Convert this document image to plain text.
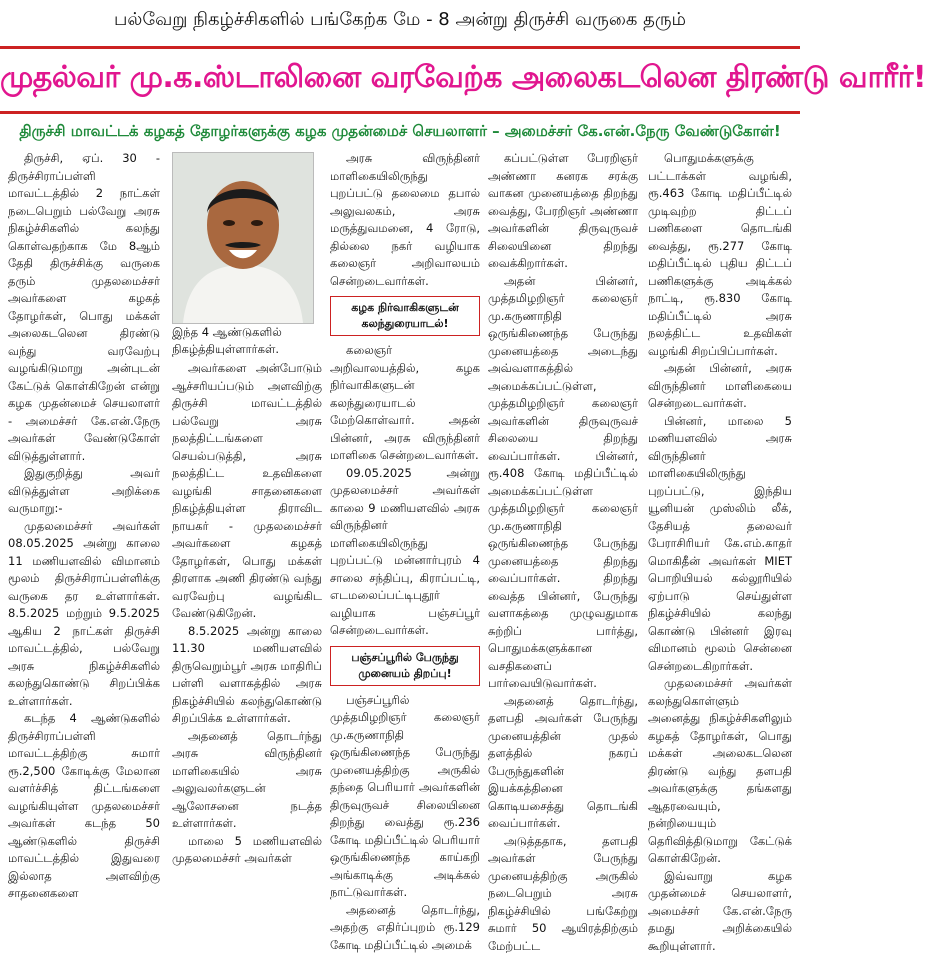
பல்வேறு நிகழ்ச்சிகளில் பங்கேற்க மே - 8 அன்று திருச்சி வருகை தரும்
முதல்வர் மு.க.ஸ்டாலினை வரவேற்க அலைகடலென திரண்டு வாரீர்!
திருச்சி மாவட்டக் கழகத் தோழர்களுக்கு கழக முதன்மைச் செயலாளர் – அமைச்சர் கே.என்.நேரு வேண்டுகோள்!

திருச்சி, ஏப். 30 - திருச்சிராப்பள்ளி மாவட்டத்தில் 2 நாட்கள் நடைபெறும் பல்வேறு அரசு நிகழ்ச்சிகளில் கலந்து கொள்வதற்காக மே 8ஆம் தேதி திருச்சிக்கு வருகை தரும் முதலமைச்சர் அவர்களை கழகத் தோழர்கள், பொது மக்கள் அலைகடலென திரண்டு வந்து வரவேற்பு வழங்கிடுமாறு அன்புடன் கேட்டுக் கொள்கிறேன் என்று கழக முதன்மைச் செயலாளர் - அமைச்சர் கே.என்.நேரு அவர்கள் வேண்டுகோள் விடுத்துள்ளார்.

இதுகுறித்து அவர் விடுத்துள்ள அறிக்கை வருமாறு:-

முதலமைச்சர் அவர்கள் 08.05.2025 அன்று காலை 11 மணியளவில் விமானம் மூலம் திருச்சிராப்பள்ளிக்கு வருகை தர உள்ளார்கள். 8.5.2025 மற்றும் 9.5.2025 ஆகிய 2 நாட்கள் திருச்சி மாவட்டத்தில், பல்வேறு அரசு நிகழ்ச்சிகளில் கலந்துகொண்டு சிறப்பிக்க உள்ளார்கள்.

கடந்த 4 ஆண்டுகளில் திருச்சிராப்பள்ளி மாவட்டத்திற்கு சுமார் ரூ.2,500 கோடிக்கு மேலான வளர்ச்சித் திட்டங்களை வழங்கியுள்ள முதலமைச்சர் அவர்கள் கடந்த 50 ஆண்டுகளில் திருச்சி மாவட்டத்தில் இதுவரை இல்லாத அளவிற்கு சாதனைகளை

இந்த 4 ஆண்டுகளில் நிகழ்த்தியுள்ளார்கள்.

அவர்களை அன்போடும் ஆச்சரியப்படும் அளவிற்கு திருச்சி மாவட்டத்தில் பல்வேறு அரசு நலத்திட்டங்களை செயல்படுத்தி, அரசு நலத்திட்ட உதவிகளை வழங்கி சாதனைகளை நிகழ்த்தியுள்ள திராவிட நாயகர் - முதலமைச்சர் அவர்களை கழகத் தோழர்கள், பொது மக்கள் திரளாக அணி திரண்டு வந்து வரவேற்பு வழங்கிட வேண்டுகிறேன்.

8.5.2025 அன்று காலை 11.30 மணியளவில் திருவெறும்பூர் அரசு மாதிரிப் பள்ளி வளாகத்தில் அரசு நிகழ்ச்சியில் கலந்துகொண்டு சிறப்பிக்க உள்ளார்கள்.

அதனைத் தொடர்ந்து அரசு விருந்தினர் மாளிகையில் அரசு அலுவலர்களுடன் ஆலோசனை நடத்த உள்ளார்கள்.

மாலை 5 மணியளவில் முதலமைச்சர் அவர்கள்

அரசு விருந்தினர் மாளிகையிலிருந்து புறப்பட்டு தலைமை தபால் அலுவலகம், அரசு மருத்துவமனை, 4 ரோடு, தில்லை நகர் வழியாக கலைஞர் அறிவாலயம் சென்றடைவார்கள்.

கழக நிர்வாகிகளுடன் கலந்துரையாடல்!

கலைஞர் அறிவாலயத்தில், கழக நிர்வாகிகளுடன் கலந்துரையாடல் மேற்கொள்வார். அதன் பின்னர், அரசு விருந்தினர் மாளிகை சென்றடைவார்கள்.

09.05.2025 அன்று முதலமைச்சர் அவர்கள் காலை 9 மணியளவில் அரசு விருந்தினர் மாளிகையிலிருந்து புறப்பட்டு மன்னார்புரம் 4 சாலை சந்திப்பு, கிராப்பட்டி, எடமலைப்பட்டிபுதூர் வழியாக பஞ்சப்பூர் சென்றடைவார்கள்.

பஞ்சப்பூரில் பேருந்து முனையம் திறப்பு!

பஞ்சப்பூரில் முத்தமிழறிஞர் கலைஞர் மு.கருணாநிதி ஒருங்கிணைந்த பேருந்து முனையத்திற்கு அருகில் தந்தை பெரியார் அவர்களின் திருவுருவச் சிலையினை திறந்து வைத்து ரூ.236 கோடி மதிப்பீட்டில் பெரியார் ஒருங்கிணைந்த காய்கறி அங்காடிக்கு அடிக்கல் நாட்டுவார்கள்.

அதனைத் தொடர்ந்து, அதற்கு எதிர்ப்புறம் ரூ.129 கோடி மதிப்பீட்டில் அமைக்

கப்பட்டுள்ள பேரறிஞர் அண்ணா கனரக சரக்கு வாகன முனையத்தை திறந்து வைத்து, பேரறிஞர் அண்ணா அவர்களின் திருவுருவச் சிலையினை திறந்து வைக்கிறார்கள்.

அதன் பின்னர், முத்தமிழறிஞர் கலைஞர் மு.கருணாநிதி ஒருங்கிணைந்த பேருந்து முனையத்தை அடைந்து அவ்வளாகத்தில் அமைக்கப்பட்டுள்ள, முத்தமிழறிஞர் கலைஞர் அவர்களின் திருவுருவச் சிலையை திறந்து வைப்பார்கள். பின்னர், ரூ.408 கோடி மதிப்பீட்டில் அமைக்கப்பட்டுள்ள முத்தமிழறிஞர் கலைஞர் மு.கருணாநிதி ஒருங்கிணைந்த பேருந்து முனையத்தை திறந்து வைப்பார்கள். திறந்து வைத்த பின்னர், பேருந்து வளாகத்தை முழுவதுமாக சுற்றிப் பார்த்து, பொதுமக்களுக்கான வசதிகளைப் பார்வையிடுவார்கள்.

அதனைத் தொடர்ந்து, தளபதி அவர்கள் பேருந்து முனையத்தின் முதல் தளத்தில் நகரப் பேருந்துகளின் இயக்கத்தினை கொடியசைத்து தொடங்கி வைப்பார்கள்.

அடுத்ததாக, தளபதி அவர்கள் பேருந்து முனையத்திற்கு அருகில் நடைபெறும் அரசு நிகழ்ச்சியில் பங்கேற்று சுமார் 50 ஆயிரத்திற்கும் மேற்பட்ட

பொதுமக்களுக்கு பட்டாக்கள் வழங்கி, ரூ.463 கோடி மதிப்பீட்டில் முடிவுற்ற திட்டப் பணிகளை தொடங்கி வைத்து, ரூ.277 கோடி மதிப்பீட்டில் புதிய திட்டப் பணிகளுக்கு அடிக்கல் நாட்டி, ரூ.830 கோடி மதிப்பீட்டில் அரசு நலத்திட்ட உதவிகள் வழங்கி சிறப்பிப்பார்கள்.

அதன் பின்னர், அரசு விருந்தினர் மாளிகையை சென்றடைவார்கள்.

பின்னர், மாலை 5 மணியளவில் அரசு விருந்தினர் மாளிகையிலிருந்து புறப்பட்டு, இந்திய யூனியன் முஸ்லிம் லீக், தேசியத் தலைவர் பேராசிரியர் கே.எம்.காதர் மொகிதீன் அவர்கள் MIET பொறியியல் கல்லூரியில் ஏற்பாடு செய்துள்ள நிகழ்ச்சியில் கலந்து கொண்டு பின்னர் இரவு விமானம் மூலம் சென்னை சென்றடைகிறார்கள்.

முதலமைச்சர் அவர்கள் கலந்துகொள்ளும் அனைத்து நிகழ்ச்சிகளிலும் கழகத் தோழர்கள், பொது மக்கள் அலைகடலென திரண்டு வந்து தளபதி அவர்களுக்கு தங்களது ஆதரவையும், நன்றியையும் தெரிவித்திடுமாறு கேட்டுக் கொள்கிறேன்.

இவ்வாறு கழக முதன்மைச் செயலாளர், அமைச்சர் கே.என்.நேரு தமது அறிக்கையில் கூறியுள்ளார்.
